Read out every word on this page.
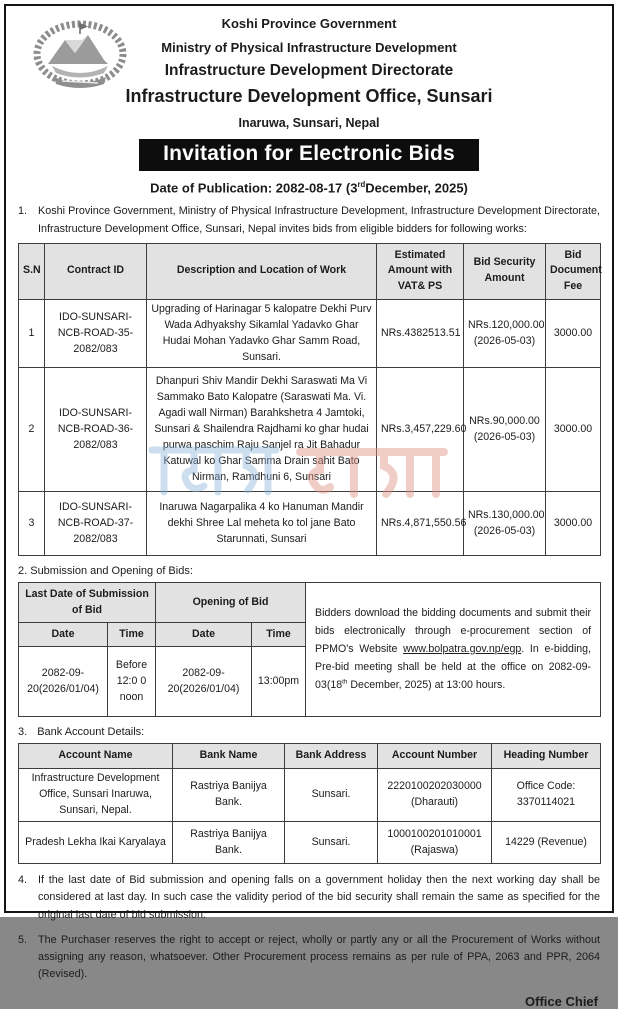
Koshi Province Government
Ministry of Physical Infrastructure Development
Infrastructure Development Directorate
Infrastructure Development Office, Sunsari
Inaruwa, Sunsari, Nepal
Invitation for Electronic Bids
Date of Publication: 2082-08-17 (3rdDecember, 2025)
1.	Koshi Province Government, Ministry of Physical Infrastructure Development, Infrastructure Development Directorate, Infrastructure Development Office, Sunsari, Nepal invites bids from eligible bidders for following works:
S.N	Contract ID	Description and Location of Work	Estimated Amount with VAT& PS	Bid Security Amount	Bid Document Fee
1	IDO-SUNSARI-NCB-ROAD-35-2082/083	Upgrading of Harinagar 5 kalopatre Dekhi Purv Wada Adhyakshy Sikamlal Yadavko Ghar Hudai Mohan Yadavko Ghar Samm Road, Sunsari.	NRs.4382513.51	NRs.120,000.00 (2026-05-03)	3000.00
2	IDO-SUNSARI-NCB-ROAD-36-2082/083	Dhanpuri Shiv Mandir Dekhi Saraswati Ma Vi Sammako Bato Kalopatre (Saraswati Ma. Vi. Agadi wall Nirman) Barahkshetra 4 Jamtoki, Sunsari & Shailendra Rajdhami ko ghar hudai purwa paschim Raju Sanjel ra Jit Bahadur Katuwal ko Ghar Samma Drain sahit Bato Nirman, Ramdhuni 6, Sunsari	NRs.3,457,229.60	NRs.90,000.00 (2026-05-03)	3000.00
3	IDO-SUNSARI-NCB-ROAD-37-2082/083	Inaruwa Nagarpalika 4 ko Hanuman Mandir dekhi Shree Lal meheta ko tol jane Bato Starunnati, Sunsari	NRs.4,871,550.56	NRs.130,000.00 (2026-05-03)	3000.00
2. Submission and Opening of Bids:
Last Date of Submission of Bid		Opening of Bid		Bidders download the bidding documents and submit their bids electronically through e-procurement section of PPMO's Website www.bolpatra.gov.np/egp. In e-bidding, Pre-bid meeting shall be held at the office on 2082-09-03(18th December, 2025) at 13:00 hours.
Date	Time	Date	Time	
2082-09-20(2026/01/04)	Before 12:0 0 noon	2082-09-20(2026/01/04)	13:00pm	
3. Bank Account Details:
Account Name	Bank Name	Bank Address	Account Number	Heading Number
Infrastructure Development Office, Sunsari Inaruwa, Sunsari, Nepal.	Rastriya Banijya Bank.	Sunsari.	2220100202030000 (Dharauti)	Office Code: 3370114021
Pradesh Lekha Ikai Karyalaya	Rastriya Banijya Bank.	Sunsari.	1000100201010001 (Rajaswa)	14229 (Revenue)
4.	If the last date of Bid submission and opening falls on a government holiday then the next working day shall be considered at last day. In such case the validity period of the bid security shall remain the same as specified for the original last date of bid submission.
5.	The Purchaser reserves the right to accept or reject, wholly or partly any or all the Procurement of Works without assigning any reason, whatsoever. Other Procurement process remains as per rule of PPA, 2063 and PPR, 2064 (Revised).
Office Chief
